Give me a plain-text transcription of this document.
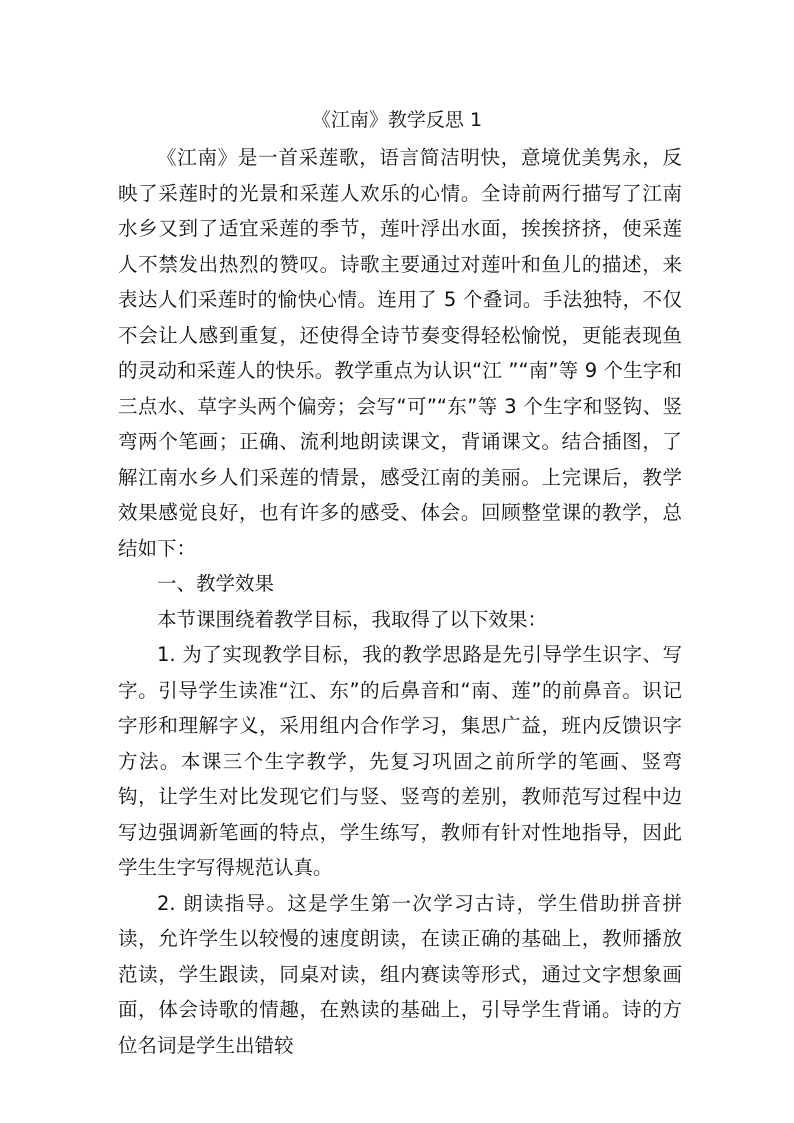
《江南》教学反思 1

《江南》是一首采莲歌，语言简洁明快，意境优美隽永，反映了采莲时的光景和采莲人欢乐的心情。全诗前两行描写了江南水乡又到了适宜采莲的季节，莲叶浮出水面，挨挨挤挤，使采莲人不禁发出热烈的赞叹。诗歌主要通过对莲叶和鱼儿的描述，来表达人们采莲时的愉快心情。连用了 5 个叠词。手法独特，不仅不会让人感到重复，还使得全诗节奏变得轻松愉悦，更能表现鱼的灵动和采莲人的快乐。教学重点为认识“江 ”“南”等 9 个生字和三点水、草字头两个偏旁；会写“可”“东”等 3 个生字和竖钩、竖弯两个笔画；正确、流利地朗读课文，背诵课文。结合插图，了解江南水乡人们采莲的情景，感受江南的美丽。上完课后，教学效果感觉良好，也有许多的感受、体会。回顾整堂课的教学，总结如下：

一、教学效果

本节课围绕着教学目标，我取得了以下效果：

1. 为了实现教学目标，我的教学思路是先引导学生识字、写字。引导学生读准“江、东”的后鼻音和“南、莲”的前鼻音。识记字形和理解字义，采用组内合作学习，集思广益，班内反馈识字方法。本课三个生字教学，先复习巩固之前所学的笔画、竖弯钩，让学生对比发现它们与竖、竖弯的差别，教师范写过程中边写边强调新笔画的特点，学生练写，教师有针对性地指导，因此学生生字写得规范认真。

2. 朗读指导。这是学生第一次学习古诗，学生借助拼音拼读，允许学生以较慢的速度朗读，在读正确的基础上，教师播放范读，学生跟读，同桌对读，组内赛读等形式，通过文字想象画面，体会诗歌的情趣，在熟读的基础上，引导学生背诵。诗的方位名词是学生出错较
